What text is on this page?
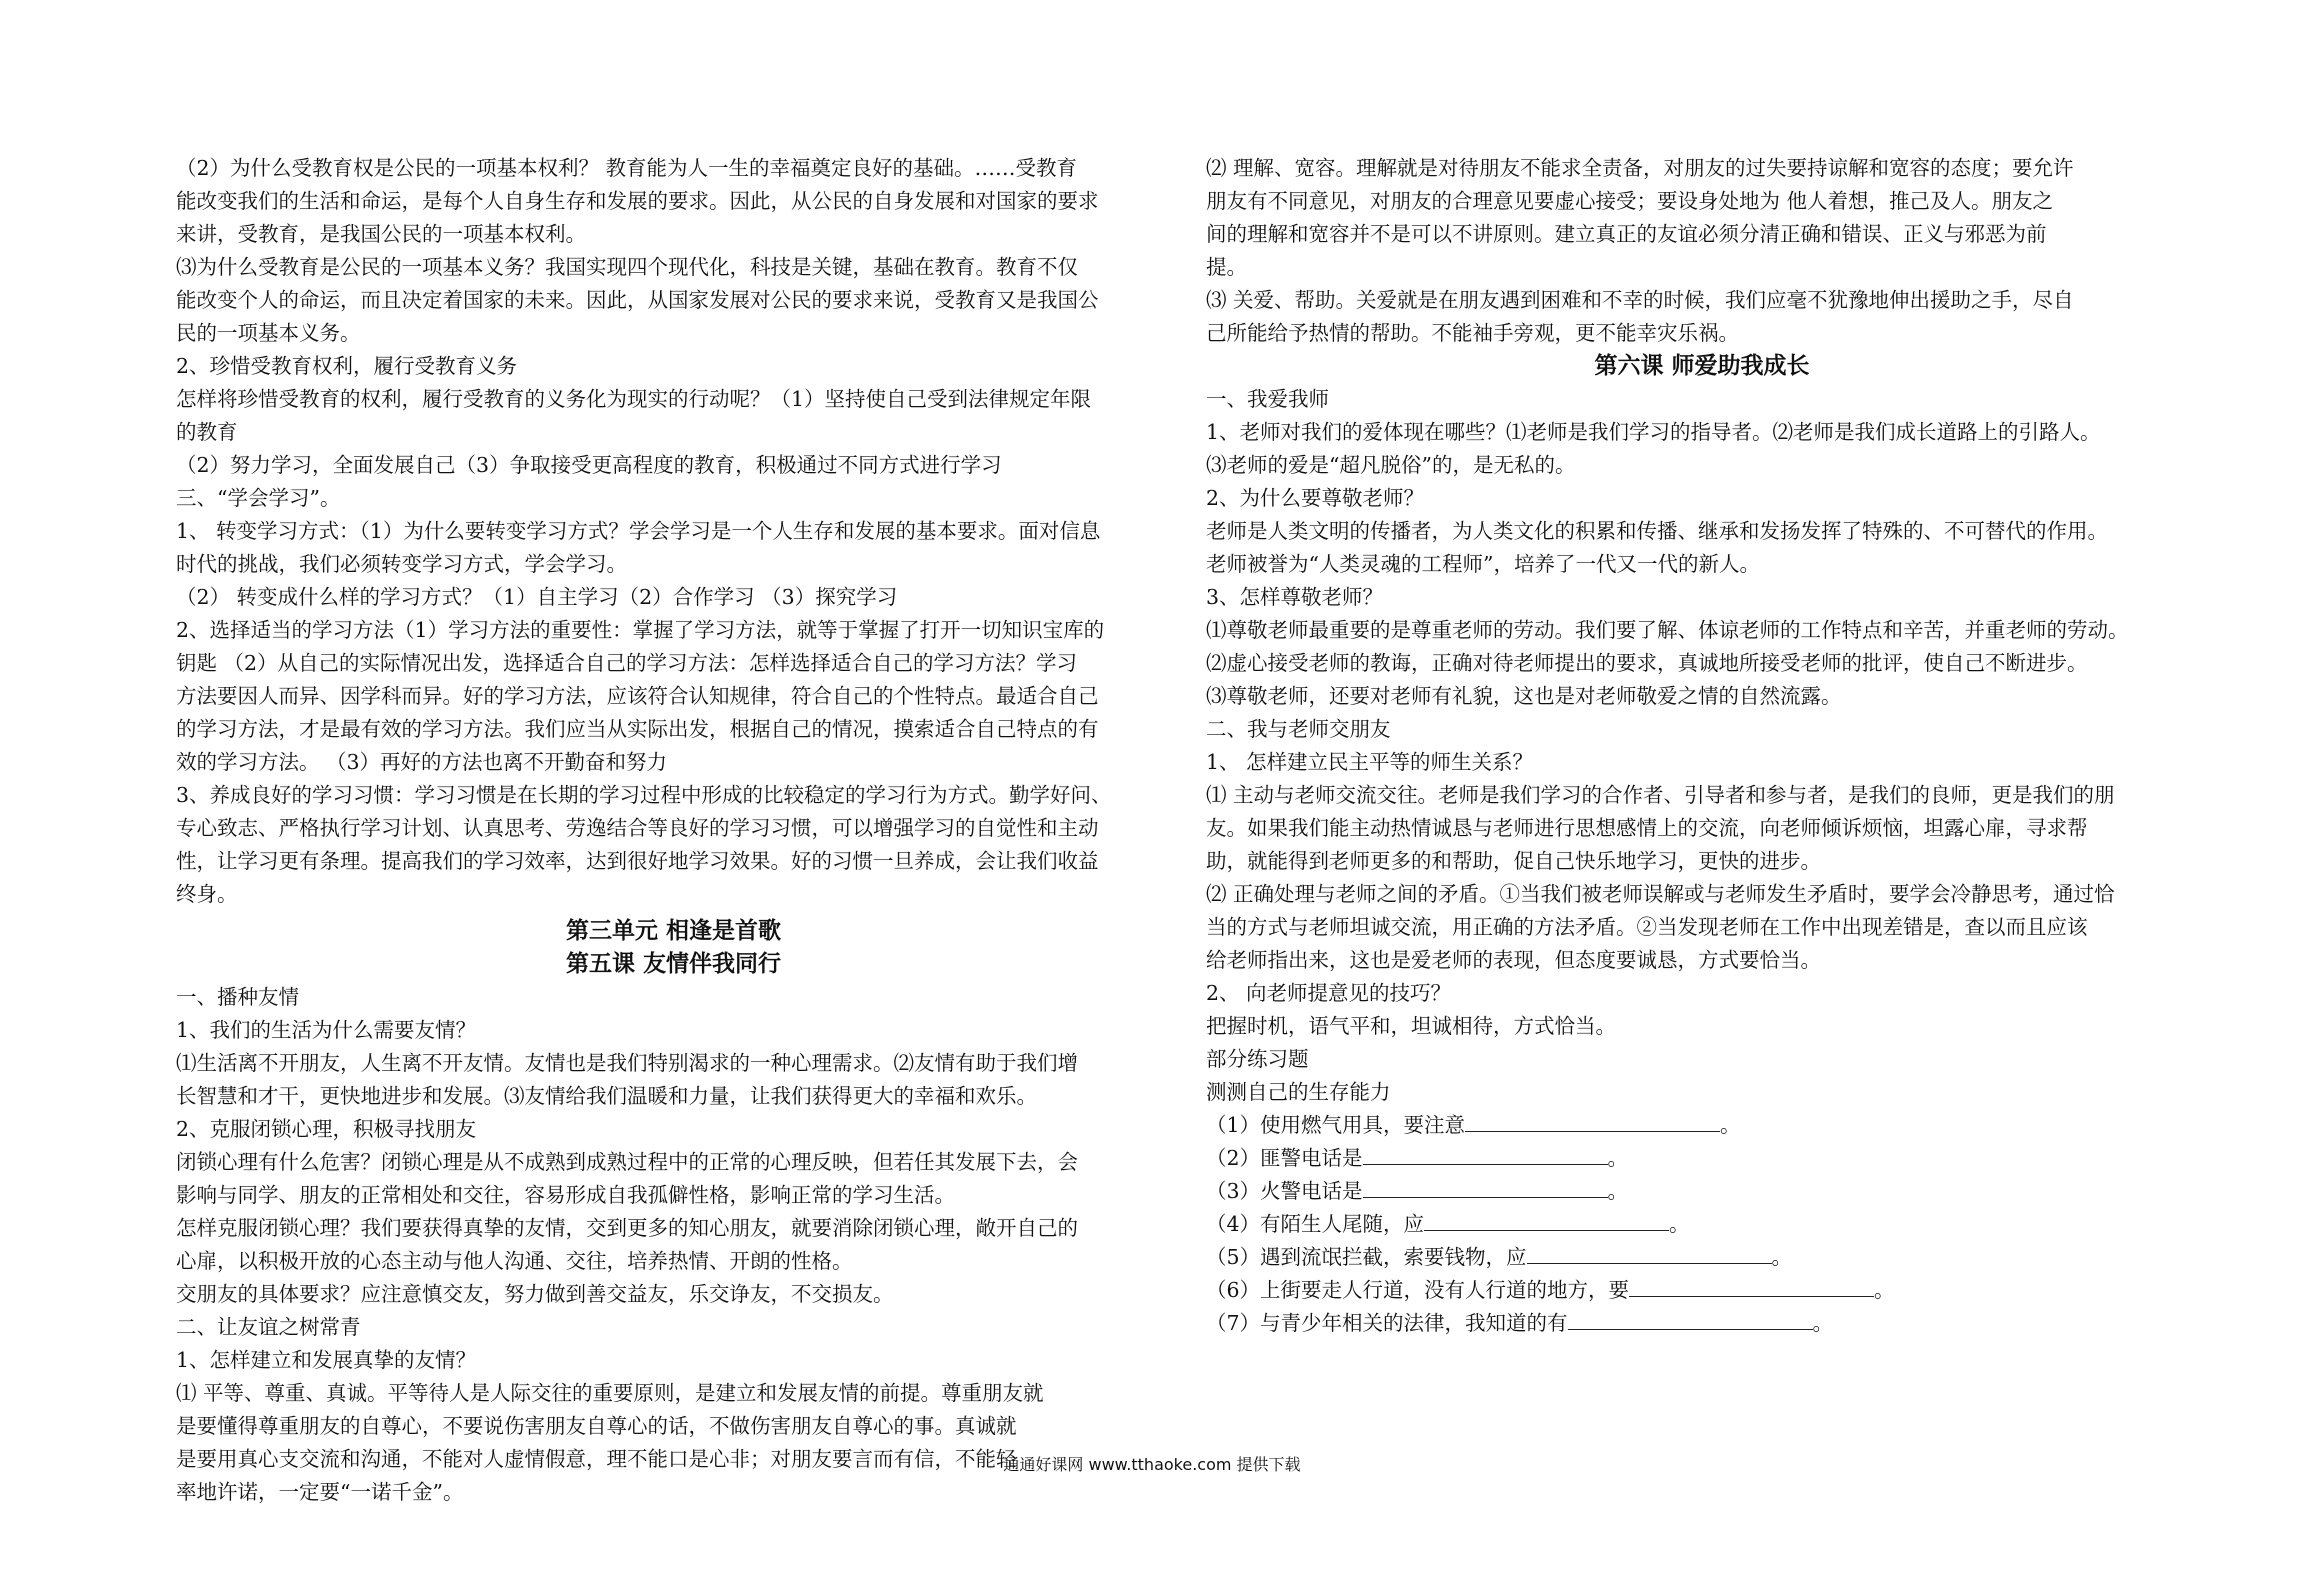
（2）为什么受教育权是公民的一项基本权利？ 教育能为人一生的幸福奠定良好的基础。……受教育
能改变我们的生活和命运，是每个人自身生存和发展的要求。因此，从公民的自身发展和对国家的要求
来讲，受教育，是我国公民的一项基本权利。
⑶为什么受教育是公民的一项基本义务？我国实现四个现代化，科技是关键，基础在教育。教育不仅
能改变个人的命运，而且决定着国家的未来。因此，从国家发展对公民的要求来说，受教育又是我国公
民的一项基本义务。
2、珍惜受教育权利，履行受教育义务
怎样将珍惜受教育的权利，履行受教育的义务化为现实的行动呢？（1）坚持使自己受到法律规定年限
的教育
（2）努力学习，全面发展自己（3）争取接受更高程度的教育，积极通过不同方式进行学习
三、“学会学习”。
1、 转变学习方式：（1）为什么要转变学习方式？学会学习是一个人生存和发展的基本要求。面对信息
时代的挑战，我们必须转变学习方式，学会学习。
（2） 转变成什么样的学习方式？（1）自主学习（2）合作学习 （3）探究学习
2、选择适当的学习方法（1）学习方法的重要性：掌握了学习方法，就等于掌握了打开一切知识宝库的
钥匙 （2）从自己的实际情况出发，选择适合自己的学习方法：怎样选择适合自己的学习方法？学习
方法要因人而异、因学科而异。好的学习方法，应该符合认知规律，符合自己的个性特点。最适合自己
的学习方法，才是最有效的学习方法。我们应当从实际出发，根据自己的情况，摸索适合自己特点的有
效的学习方法。 （3）再好的方法也离不开勤奋和努力
3、养成良好的学习习惯：学习习惯是在长期的学习过程中形成的比较稳定的学习行为方式。勤学好问、
专心致志、严格执行学习计划、认真思考、劳逸结合等良好的学习习惯，可以增强学习的自觉性和主动
性，让学习更有条理。提高我们的学习效率，达到很好地学习效果。好的习惯一旦养成，会让我们收益
终身。
第三单元 相逢是首歌
第五课 友情伴我同行
一、播种友情
1、我们的生活为什么需要友情？
⑴生活离不开朋友，人生离不开友情。友情也是我们特别渴求的一种心理需求。⑵友情有助于我们增
长智慧和才干，更快地进步和发展。⑶友情给我们温暖和力量，让我们获得更大的幸福和欢乐。
2、克服闭锁心理，积极寻找朋友
闭锁心理有什么危害？闭锁心理是从不成熟到成熟过程中的正常的心理反映，但若任其发展下去，会
影响与同学、朋友的正常相处和交往，容易形成自我孤僻性格，影响正常的学习生活。
怎样克服闭锁心理？我们要获得真挚的友情，交到更多的知心朋友，就要消除闭锁心理，敞开自己的
心扉，以积极开放的心态主动与他人沟通、交往，培养热情、开朗的性格。
交朋友的具体要求？应注意慎交友，努力做到善交益友，乐交诤友，不交损友。
二、让友谊之树常青
1、怎样建立和发展真挚的友情？
⑴ 平等、尊重、真诚。平等待人是人际交往的重要原则，是建立和发展友情的前提。尊重朋友就
是要懂得尊重朋友的自尊心，不要说伤害朋友自尊心的话，不做伤害朋友自尊心的事。真诚就
是要用真心支交流和沟通，不能对人虚情假意，理不能口是心非；对朋友要言而有信，不能轻
率地许诺，一定要“一诺千金”。
⑵ 理解、宽容。理解就是对待朋友不能求全责备，对朋友的过失要持谅解和宽容的态度；要允许
朋友有不同意见，对朋友的合理意见要虚心接受；要设身处地为 他人着想，推己及人。朋友之
间的理解和宽容并不是可以不讲原则。建立真正的友谊必须分清正确和错误、正义与邪恶为前
提。
⑶ 关爱、帮助。关爱就是在朋友遇到困难和不幸的时候，我们应毫不犹豫地伸出援助之手，尽自
己所能给予热情的帮助。不能袖手旁观，更不能幸灾乐祸。
第六课 师爱助我成长
一、我爱我师
1、老师对我们的爱体现在哪些？⑴老师是我们学习的指导者。⑵老师是我们成长道路上的引路人。
⑶老师的爱是“超凡脱俗”的，是无私的。
2、为什么要尊敬老师？
老师是人类文明的传播者，为人类文化的积累和传播、继承和发扬发挥了特殊的、不可替代的作用。
老师被誉为“人类灵魂的工程师”，培养了一代又一代的新人。
3、怎样尊敬老师？
⑴尊敬老师最重要的是尊重老师的劳动。我们要了解、体谅老师的工作特点和辛苦，并重老师的劳动。
⑵虚心接受老师的教诲，正确对待老师提出的要求，真诚地所接受老师的批评，使自己不断进步。
⑶尊敬老师，还要对老师有礼貌，这也是对老师敬爱之情的自然流露。
二、我与老师交朋友
1、 怎样建立民主平等的师生关系？
⑴ 主动与老师交流交往。老师是我们学习的合作者、引导者和参与者，是我们的良师，更是我们的朋
友。如果我们能主动热情诚恳与老师进行思想感情上的交流，向老师倾诉烦恼，坦露心扉，寻求帮
助，就能得到老师更多的和帮助，促自己快乐地学习，更快的进步。
⑵ 正确处理与老师之间的矛盾。①当我们被老师误解或与老师发生矛盾时，要学会冷静思考，通过恰
当的方式与老师坦诚交流，用正确的方法矛盾。②当发现老师在工作中出现差错是，查以而且应该
给老师指出来，这也是爱老师的表现，但态度要诚恳，方式要恰当。
2、 向老师提意见的技巧？
把握时机，语气平和，坦诚相待，方式恰当。
部分练习题
测测自己的生存能力
（1）使用燃气用具，要注意	。
（2）匪警电话是	。
（3）火警电话是	。
（4）有陌生人尾随，应	。
（5）遇到流氓拦截，索要钱物，应	。
（6）上街要走人行道，没有人行道的地方，要	。
（7）与青少年相关的法律，我知道的有	。
通通好课网 www.tthaoke.com 提供下载
